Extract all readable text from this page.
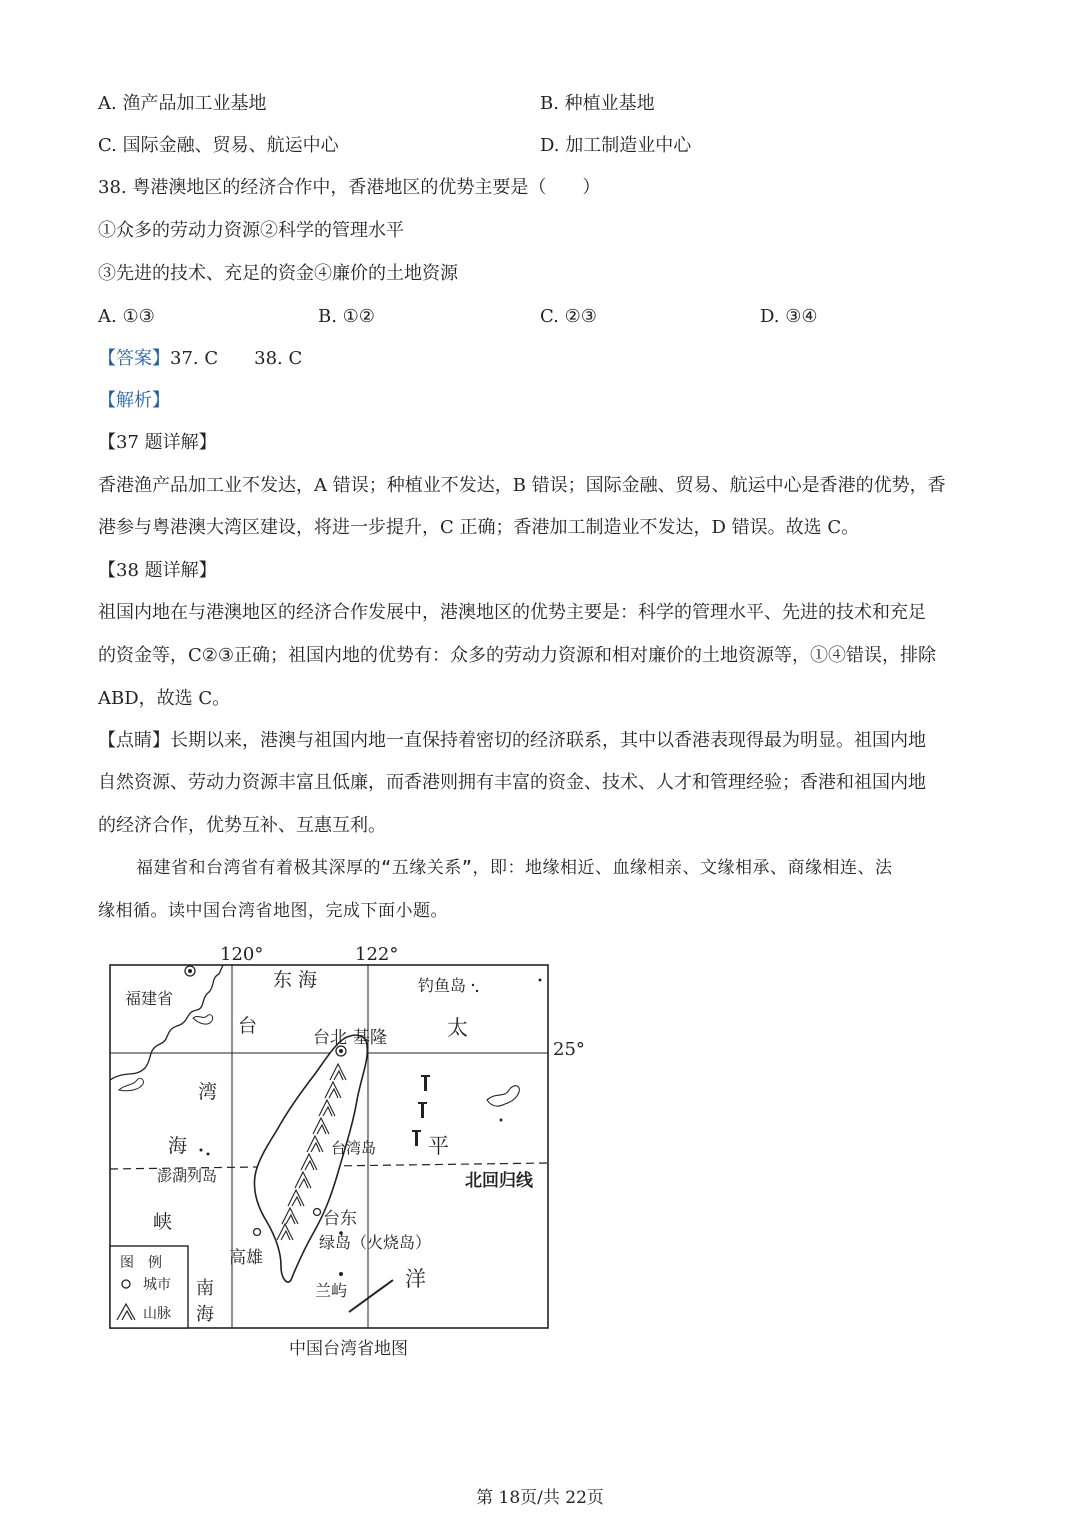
A. 渔产品加工业基地	B. 种植业基地
C. 国际金融、贸易、航运中心	D. 加工制造业中心
38. 粤港澳地区的经济合作中，香港地区的优势主要是（　　）
①众多的劳动力资源②科学的管理水平
③先进的技术、充足的资金④廉价的土地资源
A. ①③	B. ①②	C. ②③	D. ③④
【答案】37. C　　38. C
【解析】
【37 题详解】
香港渔产品加工业不发达，A 错误；种植业不发达，B 错误；国际金融、贸易、航运中心是香港的优势，香
港参与粤港澳大湾区建设，将进一步提升，C 正确；香港加工制造业不发达，D 错误。故选 C。
【38 题详解】
祖国内地在与港澳地区的经济合作发展中，港澳地区的优势主要是：科学的管理水平、先进的技术和充足
的资金等，C②③正确；祖国内地的优势有：众多的劳动力资源和相对廉价的土地资源等，①④错误，排除
ABD，故选 C。
【点睛】长期以来，港澳与祖国内地一直保持着密切的经济联系，其中以香港表现得最为明显。祖国内地
自然资源、劳动力资源丰富且低廉，而香港则拥有丰富的资金、技术、人才和管理经验；香港和祖国内地
的经济合作，优势互补、互惠互利。
福建省和台湾省有着极其深厚的“五缘关系”，即：地缘相近、血缘相亲、文缘相承、商缘相连、法
缘相循。读中国台湾省地图，完成下面小题。
120°	122°
25°
福建省
东 海	钓鱼岛
台
湾
海
峡
台北 基隆	太
平
洋
台湾岛
澎湖列岛	北回归线
台东
绿岛（火烧岛）
高雄
兰屿
南
海
图　例
城市
山脉
中国台湾省地图
第 18页/共 22页
